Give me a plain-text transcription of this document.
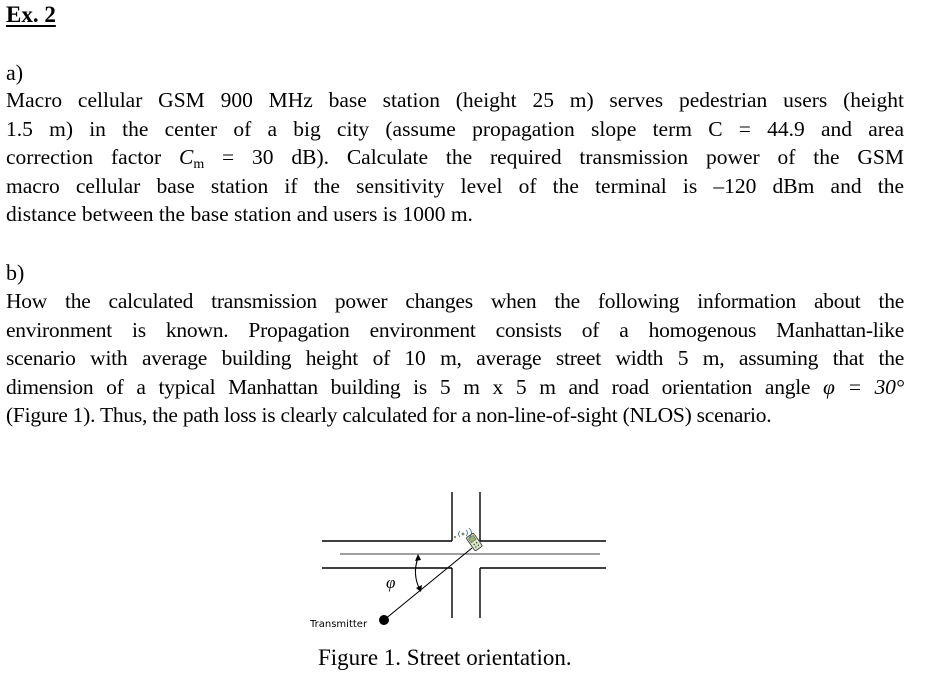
Ex. 2
a)
Macro cellular GSM 900 MHz base station (height 25 m) serves pedestrian users (height
1.5 m) in the center of a big city (assume propagation slope term C = 44.9 and area
correction factor $C_m = 30$ dB). Calculate the required transmission power of the GSM
macro cellular base station if the sensitivity level of the terminal is –120 dBm and the
distance between the base station and users is 1000 m.
b)
How the calculated transmission power changes when the following information about the
environment is known. Propagation environment consists of a homogenous Manhattan-like
scenario with average building height of 10 m, average street width 5 m, assuming that the
dimension of a typical Manhattan building is 5 m x 5 m and road orientation angle φ = 30°
(Figure 1). Thus, the path loss is clearly calculated for a non-line-of-sight (NLOS) scenario.
φ
Transmitter
Figure 1. Street orientation.
